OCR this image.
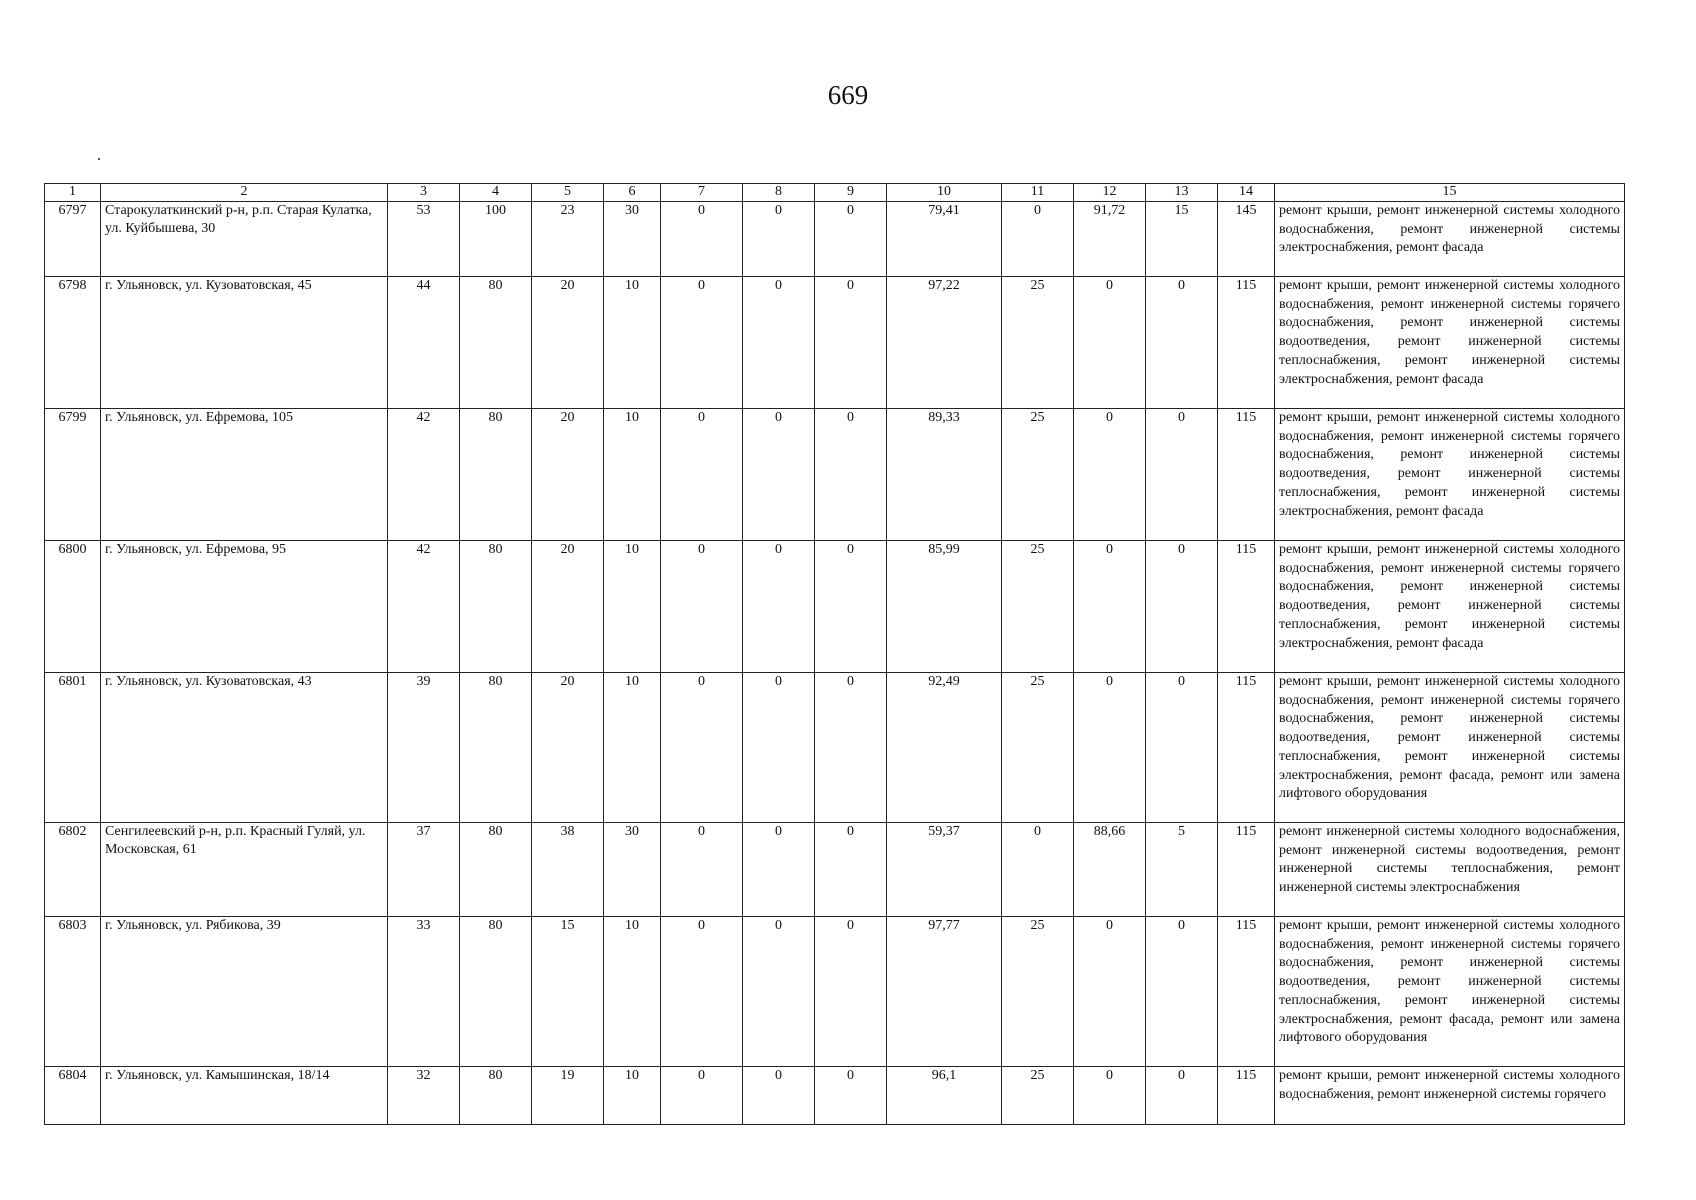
669
1	2	3	4	5	6	7	8	9	10	11	12	13	14	15
6797	Старокулаткинский р-н, р.п. Старая Кулатка, ул. Куйбышева, 30	53	100	23	30	0	0	0	79,41	0	91,72	15	145	ремонт крыши, ремонт инженерной системы холодного водоснабжения, ремонт инженерной системы электроснабжения, ремонт фасада
6798	г. Ульяновск, ул. Кузоватовская, 45	44	80	20	10	0	0	0	97,22	25	0	0	115	ремонт крыши, ремонт инженерной системы холодного водоснабжения, ремонт инженерной системы горячего водоснабжения, ремонт инженерной системы водоотведения, ремонт инженерной системы теплоснабжения, ремонт инженерной системы электроснабжения, ремонт фасада
6799	г. Ульяновск, ул. Ефремова, 105	42	80	20	10	0	0	0	89,33	25	0	0	115	ремонт крыши, ремонт инженерной системы холодного водоснабжения, ремонт инженерной системы горячего водоснабжения, ремонт инженерной системы водоотведения, ремонт инженерной системы теплоснабжения, ремонт инженерной системы электроснабжения, ремонт фасада
6800	г. Ульяновск, ул. Ефремова, 95	42	80	20	10	0	0	0	85,99	25	0	0	115	ремонт крыши, ремонт инженерной системы холодного водоснабжения, ремонт инженерной системы горячего водоснабжения, ремонт инженерной системы водоотведения, ремонт инженерной системы теплоснабжения, ремонт инженерной системы электроснабжения, ремонт фасада
6801	г. Ульяновск, ул. Кузоватовская, 43	39	80	20	10	0	0	0	92,49	25	0	0	115	ремонт крыши, ремонт инженерной системы холодного водоснабжения, ремонт инженерной системы горячего водоснабжения, ремонт инженерной системы водоотведения, ремонт инженерной системы теплоснабжения, ремонт инженерной системы электроснабжения, ремонт фасада, ремонт или замена лифтового оборудования
6802	Сенгилеевский р-н, р.п. Красный Гуляй, ул. Московская, 61	37	80	38	30	0	0	0	59,37	0	88,66	5	115	ремонт инженерной системы холодного водоснабжения, ремонт инженерной системы водоотведения, ремонт инженерной системы теплоснабжения, ремонт инженерной системы электроснабжения
6803	г. Ульяновск, ул. Рябикова, 39	33	80	15	10	0	0	0	97,77	25	0	0	115	ремонт крыши, ремонт инженерной системы холодного водоснабжения, ремонт инженерной системы горячего водоснабжения, ремонт инженерной системы водоотведения, ремонт инженерной системы теплоснабжения, ремонт инженерной системы электроснабжения, ремонт фасада, ремонт или замена лифтового оборудования
6804	г. Ульяновск, ул. Камышинская, 18/14	32	80	19	10	0	0	0	96,1	25	0	0	115	ремонт крыши, ремонт инженерной системы холодного водоснабжения, ремонт инженерной системы горячего
